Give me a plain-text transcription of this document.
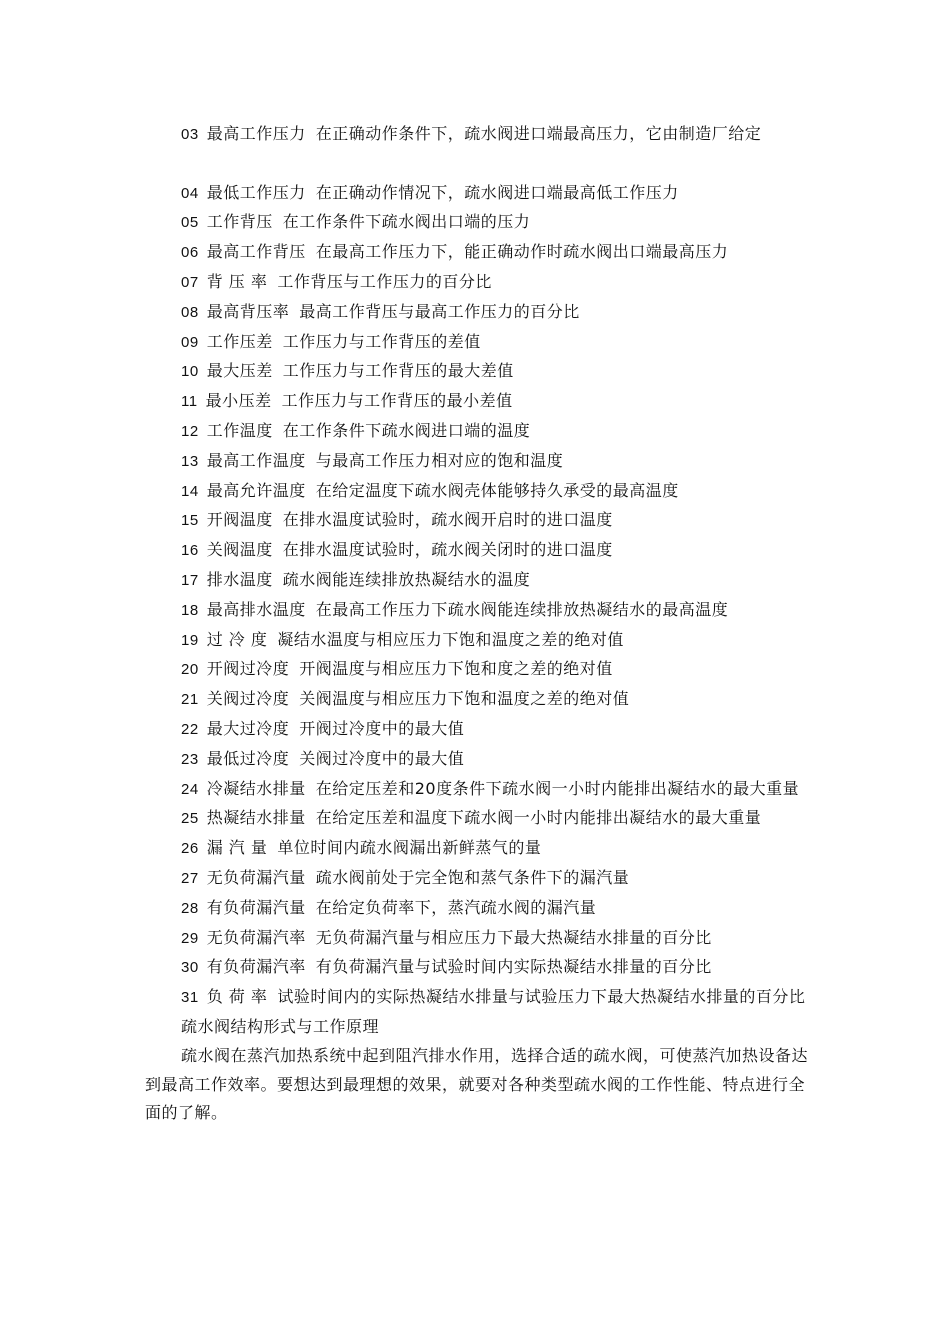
03 最高工作压力 在正确动作条件下，疏水阀进口端最高压力，它由制造厂给定
04 最低工作压力 在正确动作情况下，疏水阀进口端最高低工作压力
05 工作背压 在工作条件下疏水阀出口端的压力
06 最高工作背压 在最高工作压力下，能正确动作时疏水阀出口端最高压力
07 背 压 率 工作背压与工作压力的百分比
08 最高背压率 最高工作背压与最高工作压力的百分比
09 工作压差 工作压力与工作背压的差值
10 最大压差 工作压力与工作背压的最大差值
11 最小压差 工作压力与工作背压的最小差值
12 工作温度 在工作条件下疏水阀进口端的温度
13 最高工作温度 与最高工作压力相对应的饱和温度
14 最高允许温度 在给定温度下疏水阀壳体能够持久承受的最高温度
15 开阀温度 在排水温度试验时，疏水阀开启时的进口温度
16 关阀温度 在排水温度试验时，疏水阀关闭时的进口温度
17 排水温度 疏水阀能连续排放热凝结水的温度
18 最高排水温度 在最高工作压力下疏水阀能连续排放热凝结水的最高温度
19 过 冷 度 凝结水温度与相应压力下饱和温度之差的绝对值
20 开阀过冷度 开阀温度与相应压力下饱和度之差的绝对值
21 关阀过冷度 关阀温度与相应压力下饱和温度之差的绝对值
22 最大过冷度 开阀过冷度中的最大值
23 最低过冷度 关阀过冷度中的最大值
24 冷凝结水排量 在给定压差和20度条件下疏水阀一小时内能排出凝结水的最大重量
25 热凝结水排量 在给定压差和温度下疏水阀一小时内能排出凝结水的最大重量
26 漏 汽 量 单位时间内疏水阀漏出新鲜蒸气的量
27 无负荷漏汽量 疏水阀前处于完全饱和蒸气条件下的漏汽量
28 有负荷漏汽量 在给定负荷率下，蒸汽疏水阀的漏汽量
29 无负荷漏汽率 无负荷漏汽量与相应压力下最大热凝结水排量的百分比
30 有负荷漏汽率 有负荷漏汽量与试验时间内实际热凝结水排量的百分比
31 负 荷 率 试验时间内的实际热凝结水排量与试验压力下最大热凝结水排量的百分比
疏水阀结构形式与工作原理
疏水阀在蒸汽加热系统中起到阻汽排水作用，选择合适的疏水阀，可使蒸汽加热设备达到最高工作效率。要想达到最理想的效果，就要对各种类型疏水阀的工作性能、特点进行全面的了解。
